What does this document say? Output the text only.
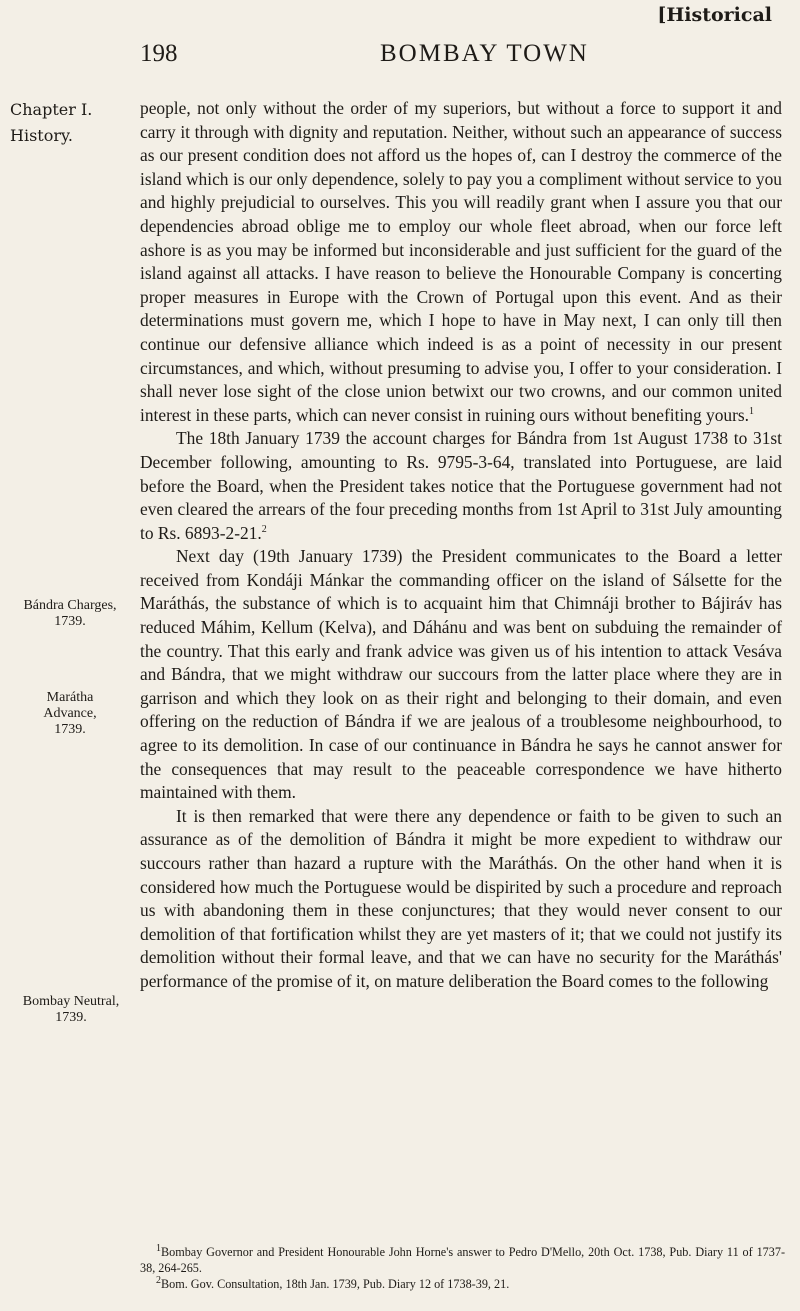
[Historical
198	BOMBAY TOWN
Chapter I.
History.
Bándra Charges, 1739.
Marátha Advance, 1739.
Bombay Neutral, 1739.

people, not only without the order of my superiors, but without a force to support it and carry it through with dignity and reputation. Neither, without such an appearance of success as our present condition does not afford us the hopes of, can I destroy the commerce of the island which is our only dependence, solely to pay you a compliment without service to you and highly prejudicial to ourselves. This you will readily grant when I assure you that our dependencies abroad oblige me to employ our whole fleet abroad, when our force left ashore is as you may be informed but inconsiderable and just sufficient for the guard of the island against all attacks. I have reason to believe the Honourable Company is concerting proper measures in Europe with the Crown of Portugal upon this event. And as their determinations must govern me, which I hope to have in May next, I can only till then continue our defensive alliance which indeed is as a point of necessity in our present circumstances, and which, without presuming to advise you, I offer to your consideration. I shall never lose sight of the close union betwixt our two crowns, and our common united interest in these parts, which can never consist in ruining ours without benefiting yours.$^1$

The 18th January 1739 the account charges for Bándra from 1st August 1738 to 31st December following, amounting to Rs. 9795-3-64, translated into Portuguese, are laid before the Board, when the President takes notice that the Portuguese government had not even cleared the arrears of the four preceding months from 1st April to 31st July amounting to Rs. 6893-2-21.$^2$

Next day (19th January 1739) the President communicates to the Board a letter received from Kondáji Mánkar the commanding officer on the island of Sálsette for the Maráthás, the substance of which is to acquaint him that Chimnáji brother to Bájiráv has reduced Máhim, Kellum (Kelva), and Dáhánu and was bent on subduing the remainder of the country. That this early and frank advice was given us of his intention to attack Vesáva and Bándra, that we might withdraw our succours from the latter place where they are in garrison and which they look on as their right and belonging to their domain, and even offering on the reduction of Bándra if we are jealous of a troublesome neighbourhood, to agree to its demolition. In case of our continuance in Bándra he says he cannot answer for the consequences that may result to the peaceable correspondence we have hitherto maintained with them.

It is then remarked that were there any dependence or faith to be given to such an assurance as of the demolition of Bándra it might be more expedient to withdraw our succours rather than hazard a rupture with the Maráthás. On the other hand when it is considered how much the Portuguese would be dispirited by such a procedure and reproach us with abandoning them in these conjunctures; that they would never consent to our demolition of that fortification whilst they are yet masters of it; that we could not justify its demolition without their formal leave, and that we can have no security for the Maráthás' performance of the promise of it, on mature deliberation the Board comes to the following

$^1$Bombay Governor and President Honourable John Horne's answer to Pedro D'Mello, 20th Oct. 1738, Pub. Diary 11 of 1737-38, 264-265.

$^2$Bom. Gov. Consultation, 18th Jan. 1739, Pub. Diary 12 of 1738-39, 21.
